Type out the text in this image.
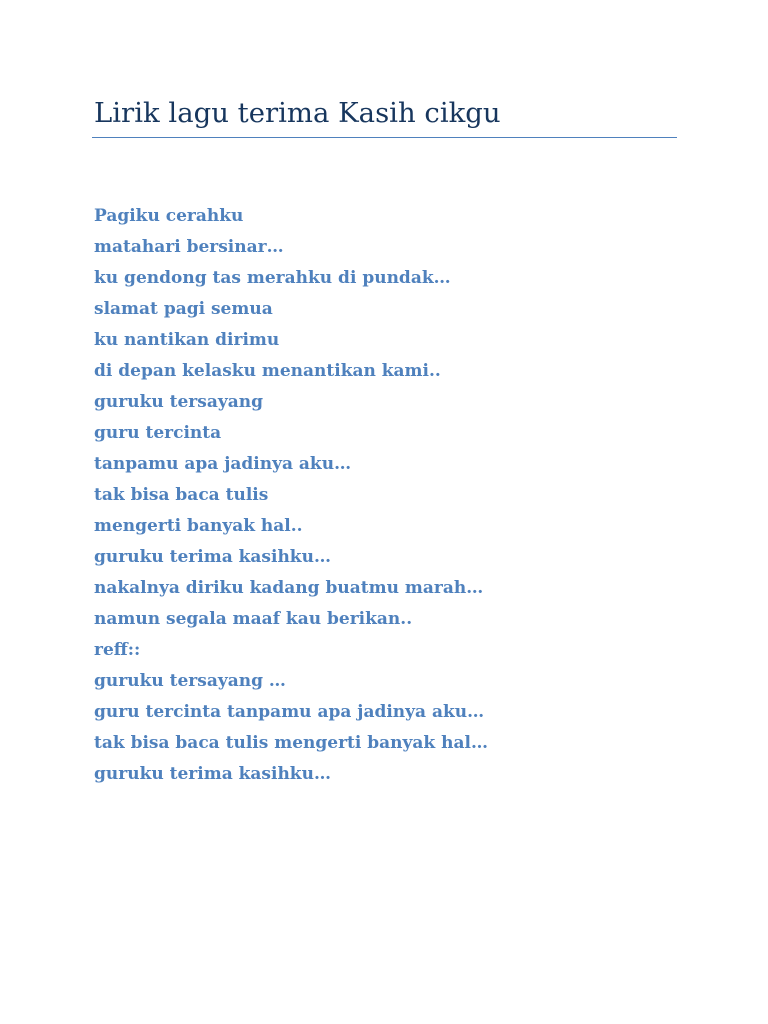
Lirik lagu terima Kasih cikgu
Pagiku cerahku
matahari bersinar…
ku gendong tas merahku di pundak…
slamat pagi semua
ku nantikan dirimu
di depan kelasku menantikan kami..
guruku tersayang
guru tercinta
tanpamu apa jadinya aku…
tak bisa baca tulis
mengerti banyak hal..
guruku terima kasihku…
nakalnya diriku kadang buatmu marah…
namun segala maaf kau berikan..
reff::
guruku tersayang …
guru tercinta tanpamu apa jadinya aku…
tak bisa baca tulis mengerti banyak hal…
guruku terima kasihku…
